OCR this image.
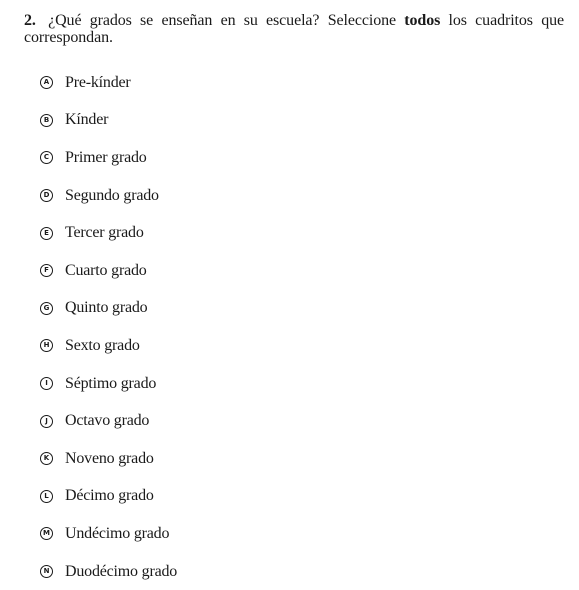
2. ¿Qué grados se enseñan en su escuela? Seleccione todos los cuadritos que correspondan.
A Pre-kínder
B Kínder
C Primer grado
D Segundo grado
E Tercer grado
F Cuarto grado
G Quinto grado
H Sexto grado
I	Séptimo grado
J	Octavo grado
K Noveno grado
L Décimo grado
M Undécimo grado
N Duodécimo grado
